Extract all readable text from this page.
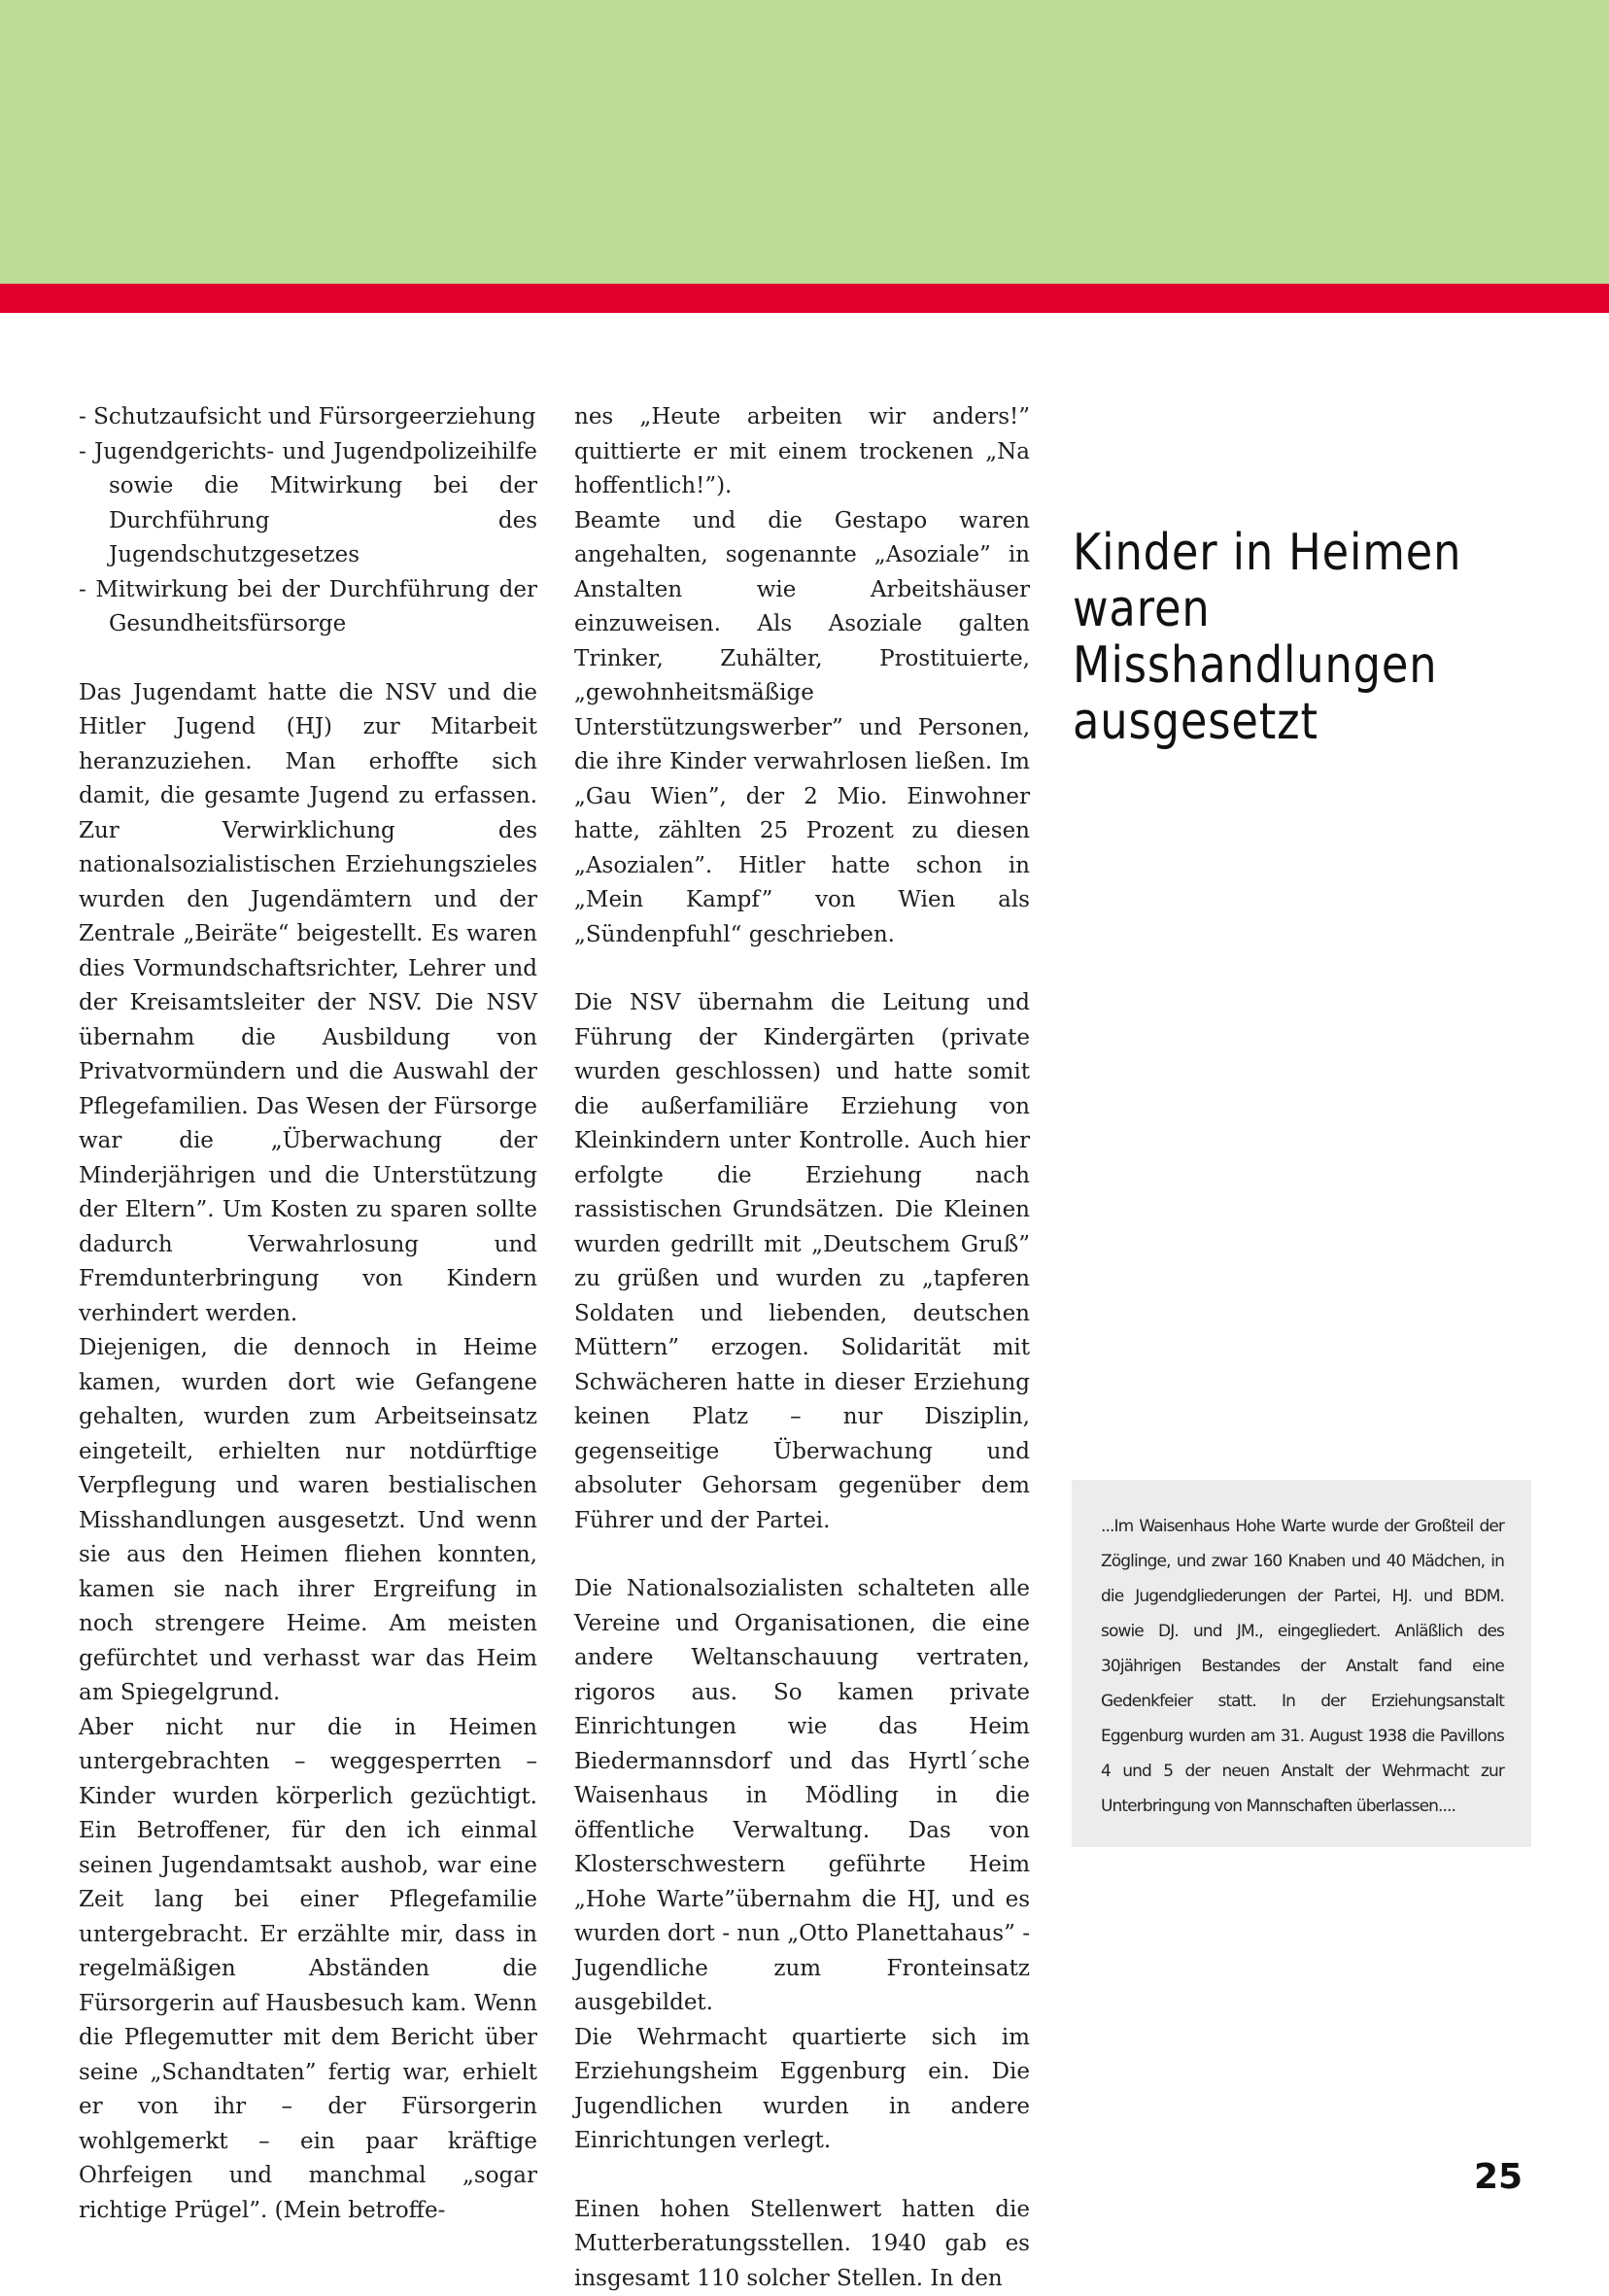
- Schutzaufsicht und Fürsorgeerziehung
- Jugendgerichts- und Jugendpolizeihilfe sowie die Mitwirkung bei der Durchführung des Jugendschutzgesetzes
- Mitwirkung bei der Durchführung der Gesundheitsfürsorge

Das Jugendamt hatte die NSV und die Hitler Jugend (HJ) zur Mitarbeit heranzuziehen. Man erhoffte sich damit, die gesamte Jugend zu erfassen. Zur Verwirklichung des nationalsozialistischen Erziehungszieles wurden den Jugendämtern und der Zentrale „Beiräte“ beigestellt. Es waren dies Vormundschaftsrichter, Lehrer und der Kreisamtsleiter der NSV. Die NSV übernahm die Ausbildung von Privatvormündern und die Auswahl der Pflegefamilien. Das Wesen der Fürsorge war die „Überwachung der Minderjährigen und die Unterstützung der Eltern”. Um Kosten zu sparen sollte dadurch Verwahrlosung und Fremdunterbringung von Kindern verhindert werden.

Diejenigen, die dennoch in Heime kamen, wurden dort wie Gefangene gehalten, wurden zum Arbeitseinsatz eingeteilt, erhielten nur notdürftige Verpflegung und waren bestialischen Misshandlungen ausgesetzt. Und wenn sie aus den Heimen fliehen konnten, kamen sie nach ihrer Ergreifung in noch strengere Heime. Am meisten gefürchtet und verhasst war das Heim am Spiegelgrund.

Aber nicht nur die in Heimen untergebrachten – weggesperrten – Kinder wurden körperlich gezüchtigt. Ein Betroffener, für den ich einmal seinen Jugendamtsakt aushob, war eine Zeit lang bei einer Pflegefamilie untergebracht. Er erzählte mir, dass in regelmäßigen Abständen die Fürsorgerin auf Hausbesuch kam. Wenn die Pflegemutter mit dem Bericht über seine „Schandtaten” fertig war, erhielt er von ihr – der Fürsorgerin wohlgemerkt – ein paar kräftige Ohrfeigen und manchmal „sogar richtige Prügel”. (Mein betroffe-

nes „Heute arbeiten wir anders!” quittierte er mit einem trockenen „Na hoffentlich!”).

Beamte und die Gestapo waren angehalten, sogenannte „Asoziale” in Anstalten wie Arbeitshäuser einzuweisen. Als Asoziale galten Trinker, Zuhälter, Prostituierte, „gewohnheitsmäßige Unterstützungswerber” und Personen, die ihre Kinder verwahrlosen ließen. Im „Gau Wien”, der 2 Mio. Einwohner hatte, zählten 25 Prozent zu diesen „Asozialen”. Hitler hatte schon in „Mein Kampf” von Wien als „Sündenpfuhl“ geschrieben.

Die NSV übernahm die Leitung und Führung der Kindergärten (private wurden geschlossen) und hatte somit die außerfamiliäre Erziehung von Kleinkindern unter Kontrolle. Auch hier erfolgte die Erziehung nach rassistischen Grundsätzen. Die Kleinen wurden gedrillt mit „Deutschem Gruß” zu grüßen und wurden zu „tapferen Soldaten und liebenden, deutschen Müttern” erzogen. Solidarität mit Schwächeren hatte in dieser Erziehung keinen Platz – nur Disziplin, gegenseitige Überwachung und absoluter Gehorsam gegenüber dem Führer und der Partei.

Die Nationalsozialisten schalteten alle Vereine und Organisationen, die eine andere Weltanschauung vertraten, rigoros aus. So kamen private Einrichtungen wie das Heim Biedermannsdorf und das Hyrtl´sche Waisenhaus in Mödling in die öffentliche Verwaltung. Das von Klosterschwestern geführte Heim „Hohe Warte”übernahm die HJ, und es wurden dort - nun „Otto Planettahaus” - Jugendliche zum Fronteinsatz ausgebildet.

Die Wehrmacht quartierte sich im Erziehungsheim Eggenburg ein. Die Jugendlichen wurden in andere Einrichtungen verlegt.

Einen hohen Stellenwert hatten die Mutterberatungsstellen. 1940 gab es insgesamt 110 solcher Stellen. In den

Kinder in Heimen waren Misshandlungen ausgesetzt
...Im Waisenhaus Hohe Warte wurde der Großteil der Zöglinge, und zwar 160 Knaben und 40 Mädchen, in die Jugendgliederungen der Partei, HJ. und BDM. sowie DJ. und JM., eingegliedert. Anläßlich des 30jährigen Bestandes der Anstalt fand eine Gedenkfeier statt. In der Erziehungsanstalt Eggenburg wurden am 31. August 1938 die Pavillons 4 und 5 der neuen Anstalt der Wehrmacht zur Unterbringung von Mannschaften überlassen....
25
